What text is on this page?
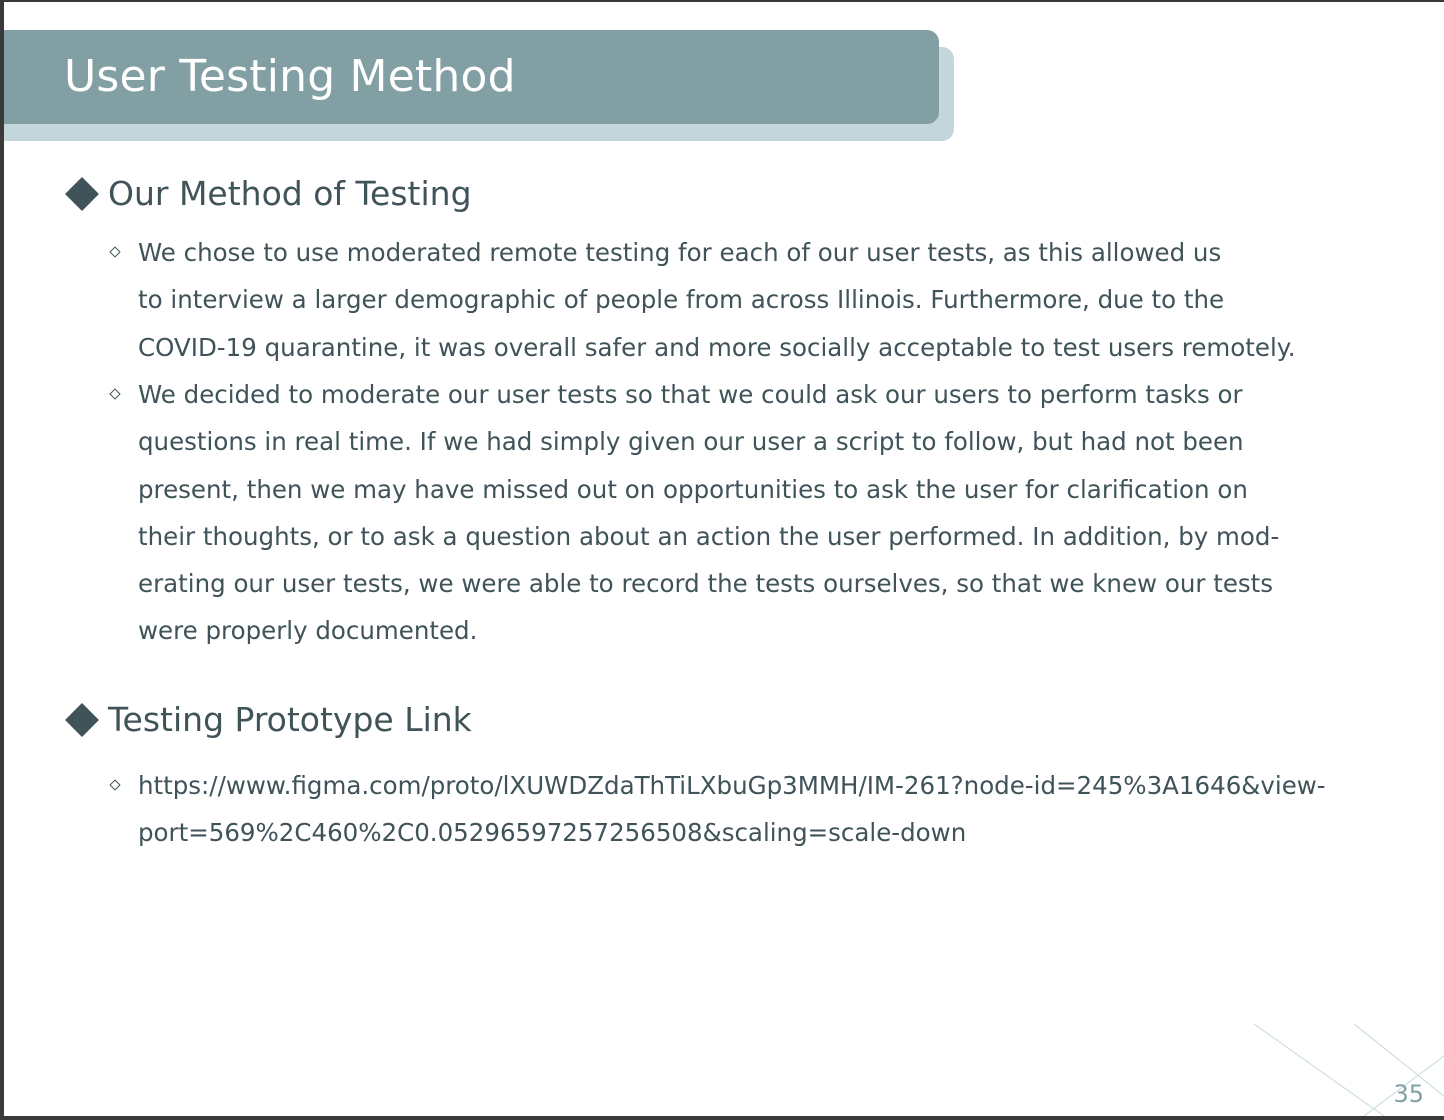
User Testing Method
Our Method of Testing
We chose to use moderated remote testing for each of our user tests, as this allowed us
to interview a larger demographic of people from across Illinois. Furthermore, due to the
COVID-19 quarantine, it was overall safer and more socially acceptable to test users remotely.
We decided to moderate our user tests so that we could ask our users to perform tasks or
questions in real time. If we had simply given our user a script to follow, but had not been
present, then we may have missed out on opportunities to ask the user for clarification on
their thoughts, or to ask a question about an action the user performed. In addition, by mod-
erating our user tests, we were able to record the tests ourselves, so that we knew our tests
were properly documented.
Testing Prototype Link
https://www.figma.com/proto/lXUWDZdaThTiLXbuGp3MMH/IM-261?node-id=245%3A1646&view-
port=569%2C460%2C0.05296597257256508&scaling=scale-down
35
